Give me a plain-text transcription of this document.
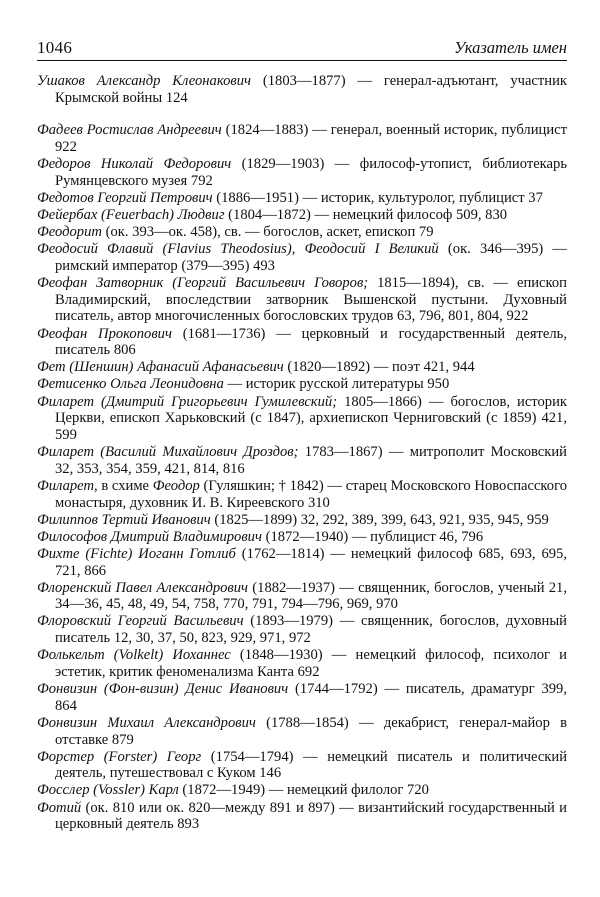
1046	Указатель имен

Ушаков Александр Клеонакович (1803—1877) — генерал-адъютант, участник Крымской войны 124

Фадеев Ростислав Андреевич (1824—1883) — генерал, военный историк, публицист 922

Федоров Николай Федорович (1829—1903) — философ-утопист, библиотекарь Румянцевского музея 792

Федотов Георгий Петрович (1886—1951) — историк, культуролог, публицист 37

Фейербах (Feuerbach) Людвиг (1804—1872) — немецкий философ 509, 830

Феодорит (ок. 393—ок. 458), св. — богослов, аскет, епископ 79

Феодосий Флавий (Flavius Theodosius), Феодосий I Великий (ок. 346—395) — римский император (379—395) 493

Феофан Затворник (Георгий Васильевич Говоров; 1815—1894), св. — епископ Владимирский, впоследствии затворник Вышенской пустыни. Духовный писатель, автор многочисленных богословских трудов 63, 796, 801, 804, 922

Феофан Прокопович (1681—1736) — церковный и государственный деятель, писатель 806

Фет (Шеншин) Афанасий Афанасьевич (1820—1892) — поэт 421, 944

Фетисенко Ольга Леонидовна — историк русской литературы 950

Филарет (Дмитрий Григорьевич Гумилевский; 1805—1866) — богослов, историк Церкви, епископ Харьковский (с 1847), архиепископ Черниговский (с 1859) 421, 599

Филарет (Василий Михайлович Дроздов; 1783—1867) — митрополит Московский 32, 353, 354, 359, 421, 814, 816

Филарет, в схиме Феодор (Гуляшкин; † 1842) — старец Московского Новоспасского монастыря, духовник И. В. Киреевского 310

Филиппов Тертий Иванович (1825—1899) 32, 292, 389, 399, 643, 921, 935, 945, 959

Философов Дмитрий Владимирович (1872—1940) — публицист 46, 796

Фихте (Fichte) Иоганн Готлиб (1762—1814) — немецкий философ 685, 693, 695, 721, 866

Флоренский Павел Александрович (1882—1937) — священник, богослов, ученый 21, 34—36, 45, 48, 49, 54, 758, 770, 791, 794—796, 969, 970

Флоровский Георгий Васильевич (1893—1979) — священник, богослов, духовный писатель 12, 30, 37, 50, 823, 929, 971, 972

Фолькельт (Volkelt) Иоханнес (1848—1930) — немецкий философ, психолог и эстетик, критик феноменализма Канта 692

Фонвизин (Фон-визин) Денис Иванович (1744—1792) — писатель, драматург 399, 864

Фонвизин Михаил Александрович (1788—1854) — декабрист, генерал-майор в отставке 879

Форстер (Forster) Георг (1754—1794) — немецкий писатель и политический деятель, путешествовал с Куком 146

Фосслер (Vossler) Карл (1872—1949) — немецкий филолог 720

Фотий (ок. 810 или ок. 820—между 891 и 897) — византийский государственный и церковный деятель 893
